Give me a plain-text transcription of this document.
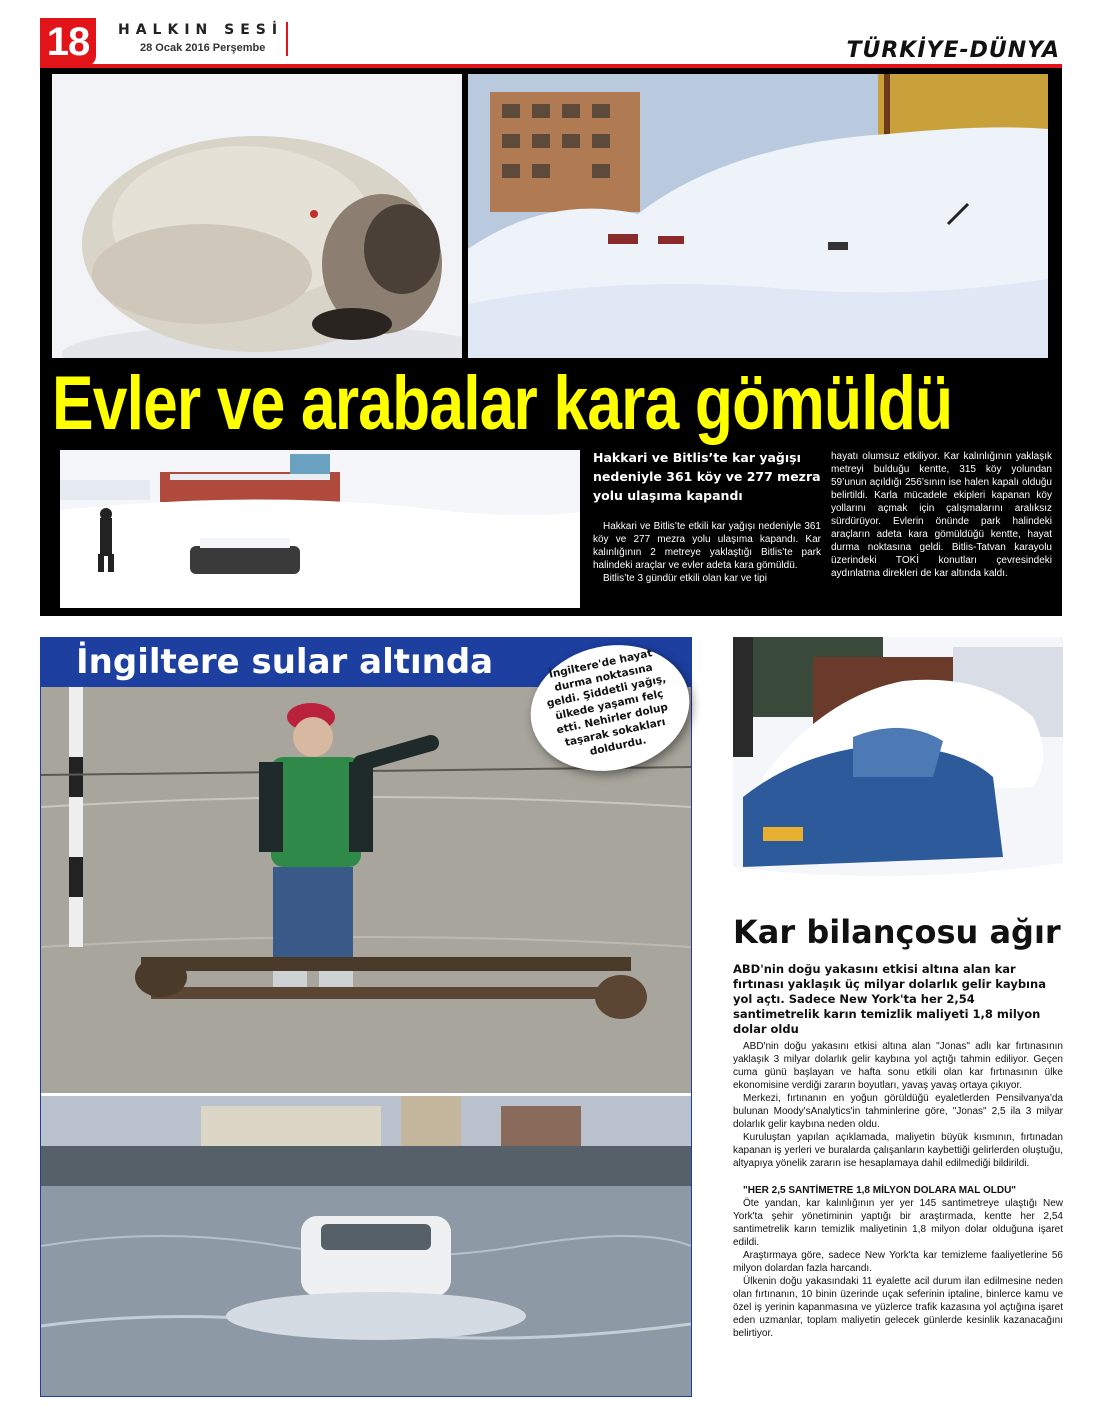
18	HALKIN SESİ
28 Ocak 2016 Perşembe	TÜRKİYE-DÜNYA
Evler ve arabalar kara gömüldü
Hakkari ve Bitlis’te kar yağışı nedeniyle 361 köy ve 277 mezra yolu ulaşıma kapandı

Hakkari ve Bitlis’te etkili kar yağışı nedeniyle 361 köy ve 277 mezra yolu ulaşıma kapandı. Kar kalınlığının 2 metreye yaklaştığı Bitlis’te park halindeki araçlar ve evler adeta kara gömüldü.

Bitlis’te 3 gündür etkili olan kar ve tipi

hayatı olumsuz etkiliyor. Kar kalınlığının yaklaşık metreyi bulduğu kentte, 315 köy yolundan 59’unun açıldığı 256’sının ise halen kapalı olduğu belirtildi. Karla mücadele ekipleri kapanan köy yollarını açmak için çalışmalarını aralıksız sürdürüyor. Evlerin önünde park halindeki araçların adeta kara gömüldüğü kentte, hayat durma noktasına geldi. Bitlis-Tatvan karayolu üzerindeki TOKİ konutları çevresindeki aydınlatma direkleri de kar altında kaldı.

İngiltere sular altında	İngiltere'de hayat durma noktasına geldi. Şiddetli yağış, ülkede yaşamı felç etti. Nehirler dolup taşarak sokakları doldurdu.
Kar bilançosu ağır
ABD'nin doğu yakasını etkisi altına alan kar fırtınası yaklaşık üç milyar dolarlık gelir kaybına yol açtı. Sadece New York'ta her 2,54 santimetrelik karın temizlik maliyeti 1,8 milyon dolar oldu

ABD'nin doğu yakasını etkisi altına alan "Jonas" adlı kar fırtınasının yaklaşık 3 milyar dolarlık gelir kaybına yol açtığı tahmin ediliyor. Geçen cuma günü başlayan ve hafta sonu etkili olan kar fırtınasının ülke ekonomisine verdiği zararın boyutları, yavaş yavaş ortaya çıkıyor.

Merkezi, fırtınanın en yoğun görüldüğü eyaletlerden Pensilvanya'da bulunan Moody'sAnalytics'in tahminlerine göre, "Jonas" 2,5 ila 3 milyar dolarlık gelir kaybına neden oldu.

Kuruluştan yapılan açıklamada, maliyetin büyük kısmının, fırtınadan kapanan iş yerleri ve buralarda çalışanların kaybettiği gelirlerden oluştuğu, altyapıya yönelik zararın ise hesaplamaya dahil edilmediği bildirildi.

"HER 2,5 SANTİMETRE 1,8 MİLYON DOLARA MAL OLDU"

Öte yandan, kar kalınlığının yer yer 145 santimetreye ulaştığı New York'ta şehir yönetiminin yaptığı bir araştırmada, kentte her 2,54 santimetrelik karın temizlik maliyetinin 1,8 milyon dolar olduğuna işaret edildi.

Araştırmaya göre, sadece New York'ta kar temizleme faaliyetlerine 56 milyon dolardan fazla harcandı.

Ülkenin doğu yakasındaki 11 eyalette acil durum ilan edilmesine neden olan fırtınanın, 10 binin üzerinde uçak seferinin iptaline, binlerce kamu ve özel iş yerinin kapanmasına ve yüzlerce trafik kazasına yol açtığına işaret eden uzmanlar, toplam maliyetin gelecek günlerde kesinlik kazanacağını belirtiyor.
